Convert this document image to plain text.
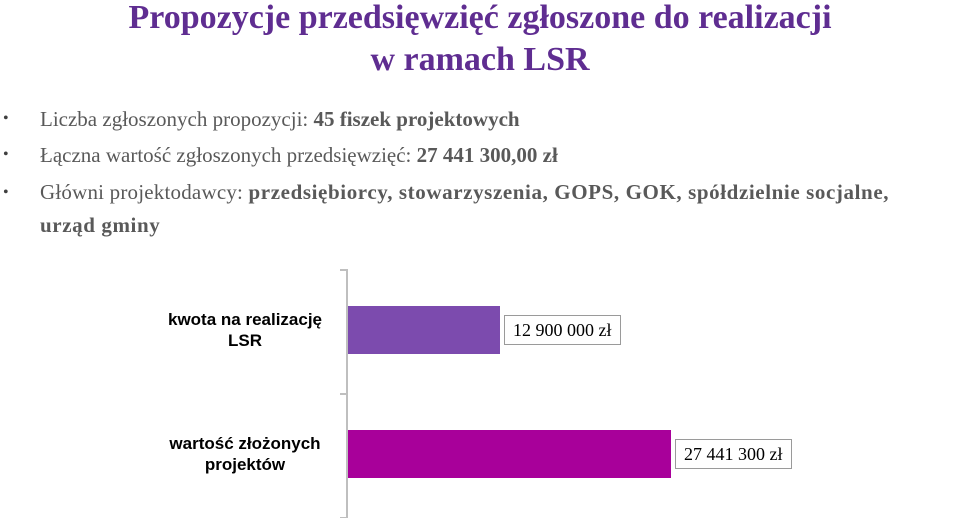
Propozycje przedsięwzięć zgłoszone do realizacji
w ramach LSR
• Liczba zgłoszonych propozycji: 45 fiszek projektowych
• Łączna wartość zgłoszonych przedsięwzięć: 27 441 300,00 zł
• Główni projektodawcy: przedsiębiorcy, stowarzyszenia, GOPS, GOK, spółdzielnie socjalne, urząd gminy
kwota na realizację LSR
12 900 000 zł
wartość złożonych projektów
27 441 300 zł
